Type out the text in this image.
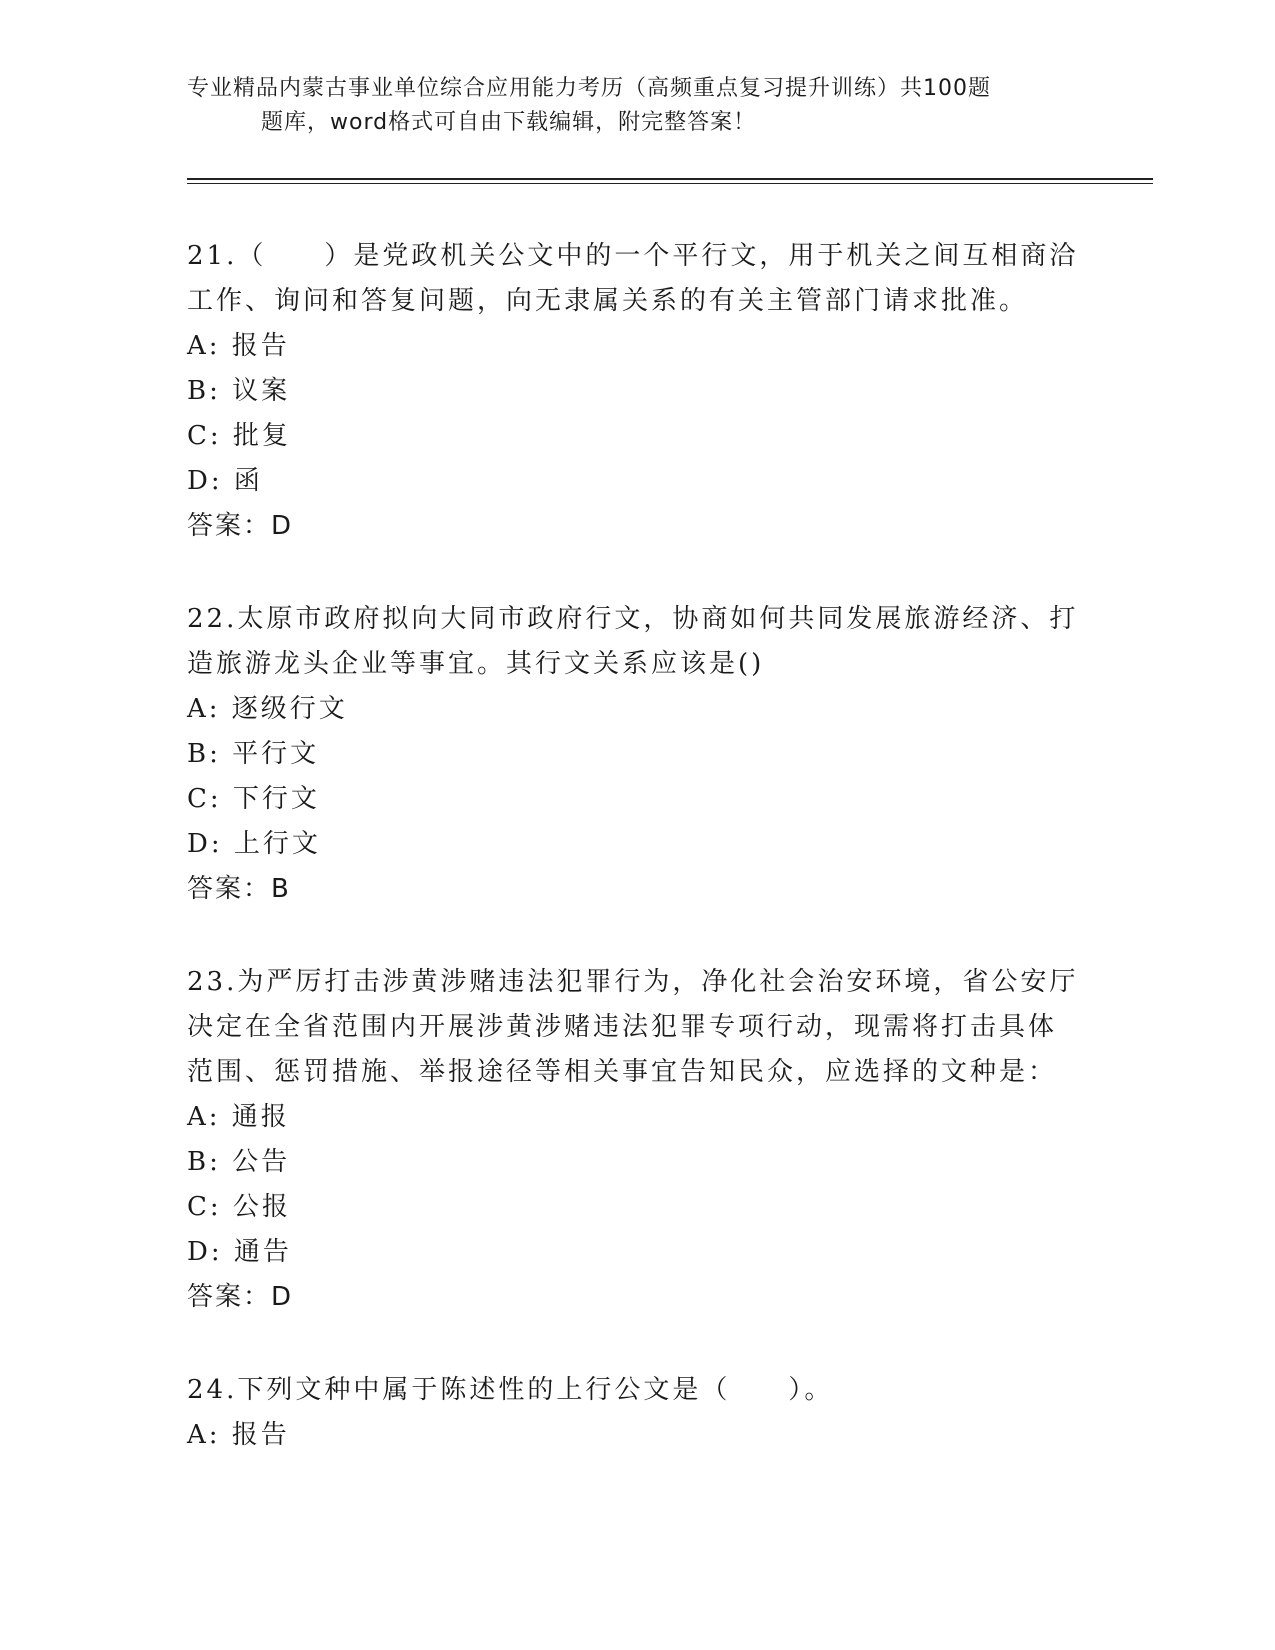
专业精品内蒙古事业单位综合应用能力考历（高频重点复习提升训练）共100题
题库，word格式可自由下载编辑，附完整答案！

21.（　　）是党政机关公文中的一个平行文，用于机关之间互相商洽

工作、询问和答复问题，向无隶属关系的有关主管部门请求批准。

A: 报告

B: 议案

C: 批复

D: 函

答案：D

22.太原市政府拟向大同市政府行文，协商如何共同发展旅游经济、打

造旅游龙头企业等事宜。其行文关系应该是()

A: 逐级行文

B: 平行文

C: 下行文

D: 上行文

答案：B

23.为严厉打击涉黄涉赌违法犯罪行为，净化社会治安环境，省公安厅

决定在全省范围内开展涉黄涉赌违法犯罪专项行动，现需将打击具体

范围、惩罚措施、举报途径等相关事宜告知民众，应选择的文种是：

A: 通报

B: 公告

C: 公报

D: 通告

答案：D

24.下列文种中属于陈述性的上行公文是（　　）。

A: 报告
